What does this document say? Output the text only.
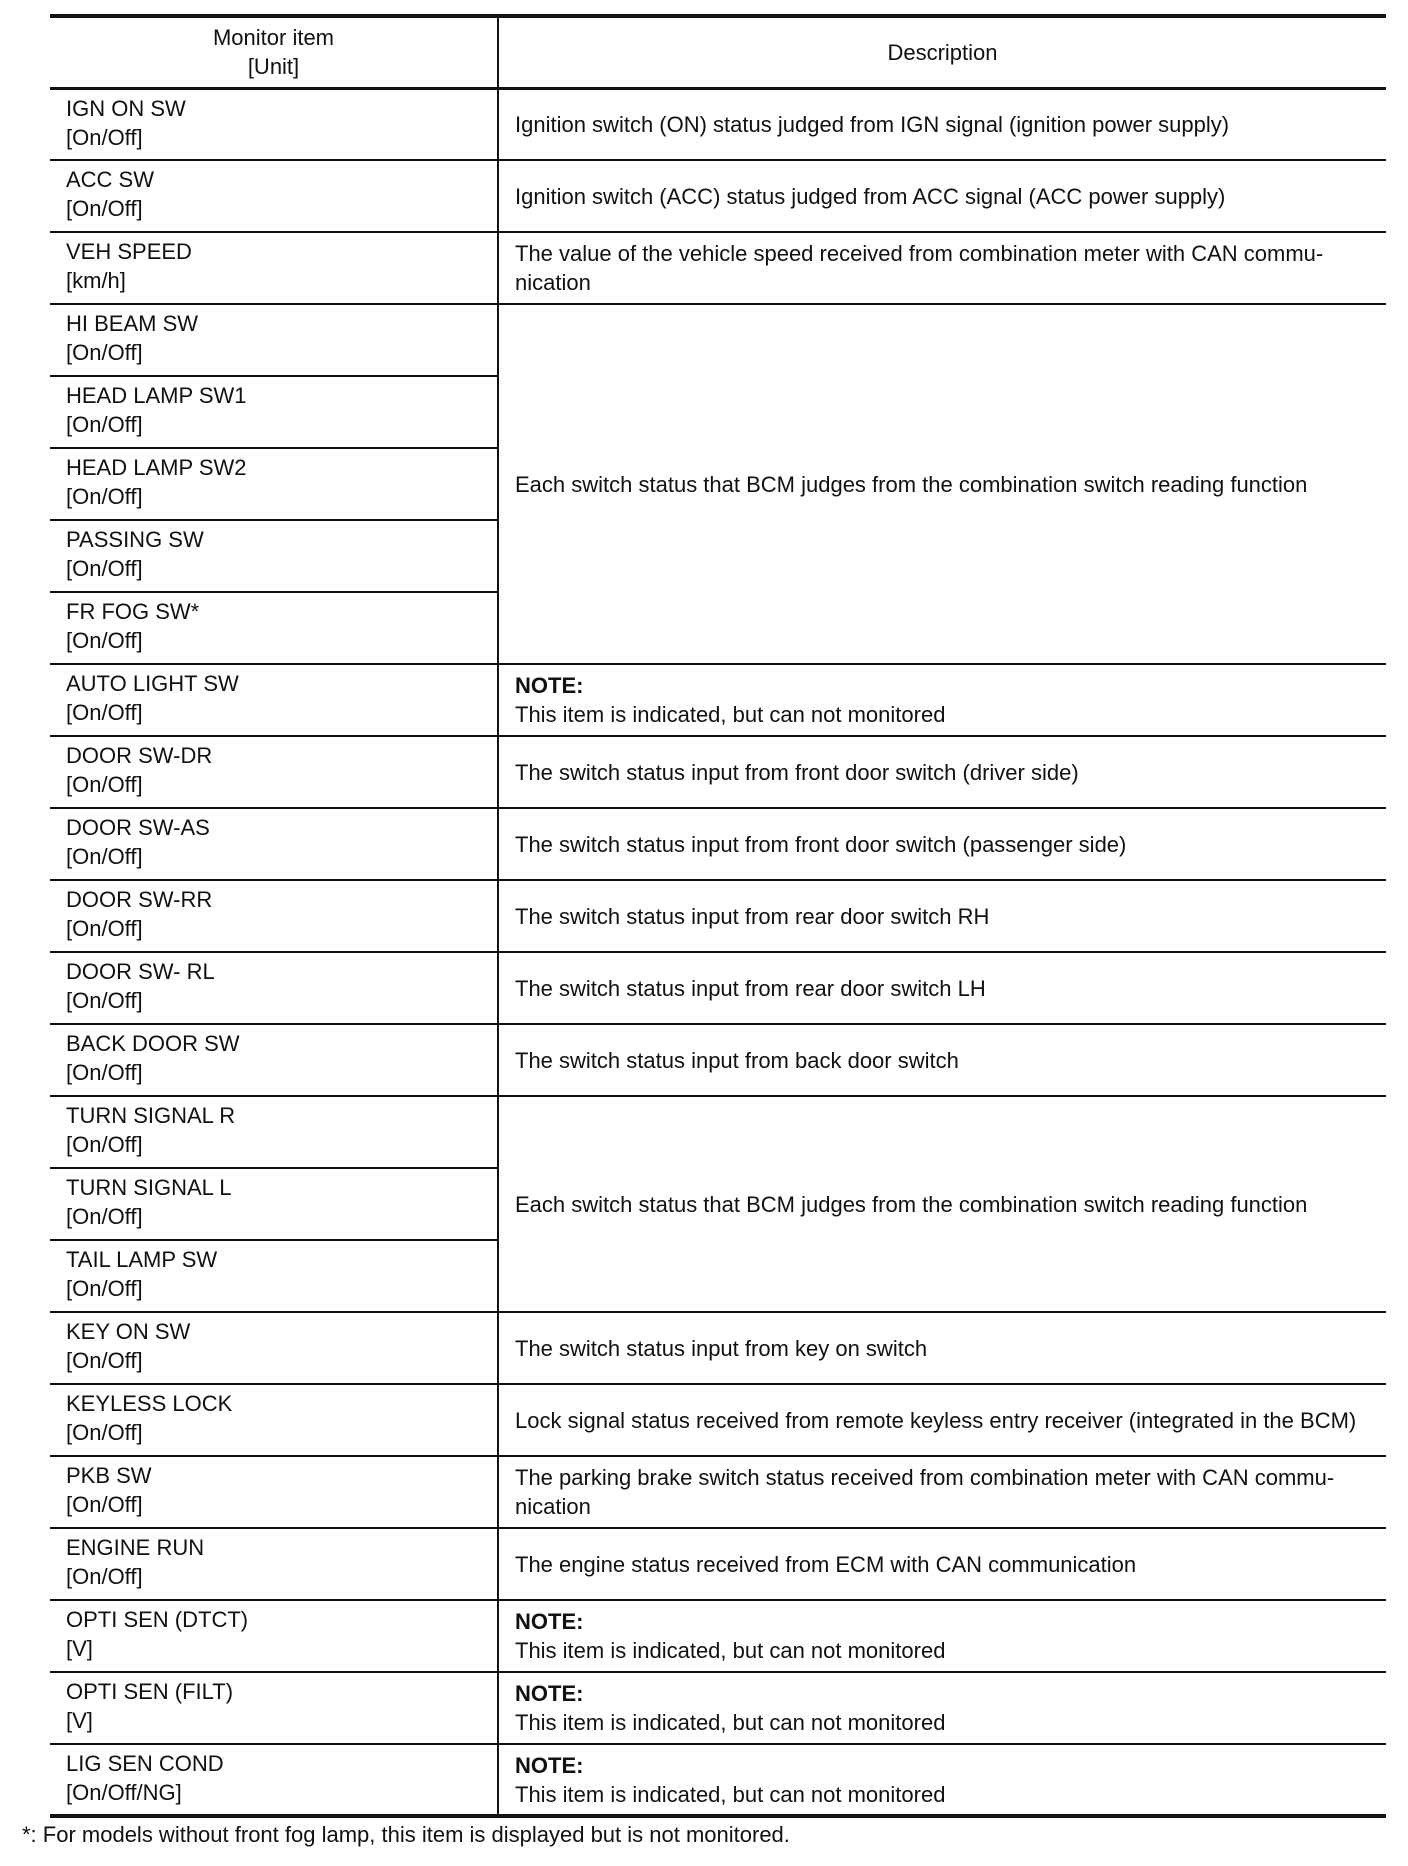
Monitor item
[Unit]	Description

IGN ON SW
[On/Off]	Ignition switch (ON) status judged from IGN signal (ignition power supply)

ACC SW
[On/Off]	Ignition switch (ACC) status judged from ACC signal (ACC power supply)

VEH SPEED
[km/h]	The value of the vehicle speed received from combination meter with CAN commu-nication

HI BEAM SW
[On/Off]	Each switch status that BCM judges from the combination switch reading function

HEAD LAMP SW1
[On/Off]	

HEAD LAMP SW2
[On/Off]	

PASSING SW
[On/Off]	

FR FOG SW*
[On/Off]	

AUTO LIGHT SW
[On/Off]	NOTE:
This item is indicated, but can not monitored

DOOR SW-DR
[On/Off]	The switch status input from front door switch (driver side)

DOOR SW-AS
[On/Off]	The switch status input from front door switch (passenger side)

DOOR SW-RR
[On/Off]	The switch status input from rear door switch RH

DOOR SW- RL
[On/Off]	The switch status input from rear door switch LH

BACK DOOR SW
[On/Off]	The switch status input from back door switch

TURN SIGNAL R
[On/Off]	Each switch status that BCM judges from the combination switch reading function

TURN SIGNAL L
[On/Off]	

TAIL LAMP SW
[On/Off]	

KEY ON SW
[On/Off]	The switch status input from key on switch

KEYLESS LOCK
[On/Off]	Lock signal status received from remote keyless entry receiver (integrated in the BCM)

PKB SW
[On/Off]	The parking brake switch status received from combination meter with CAN commu-nication

ENGINE RUN
[On/Off]	The engine status received from ECM with CAN communication

OPTI SEN (DTCT)
[V]	NOTE:
This item is indicated, but can not monitored

OPTI SEN (FILT)
[V]	NOTE:
This item is indicated, but can not monitored

LIG SEN COND
[On/Off/NG]	NOTE:
This item is indicated, but can not monitored
*: For models without front fog lamp, this item is displayed but is not monitored.
